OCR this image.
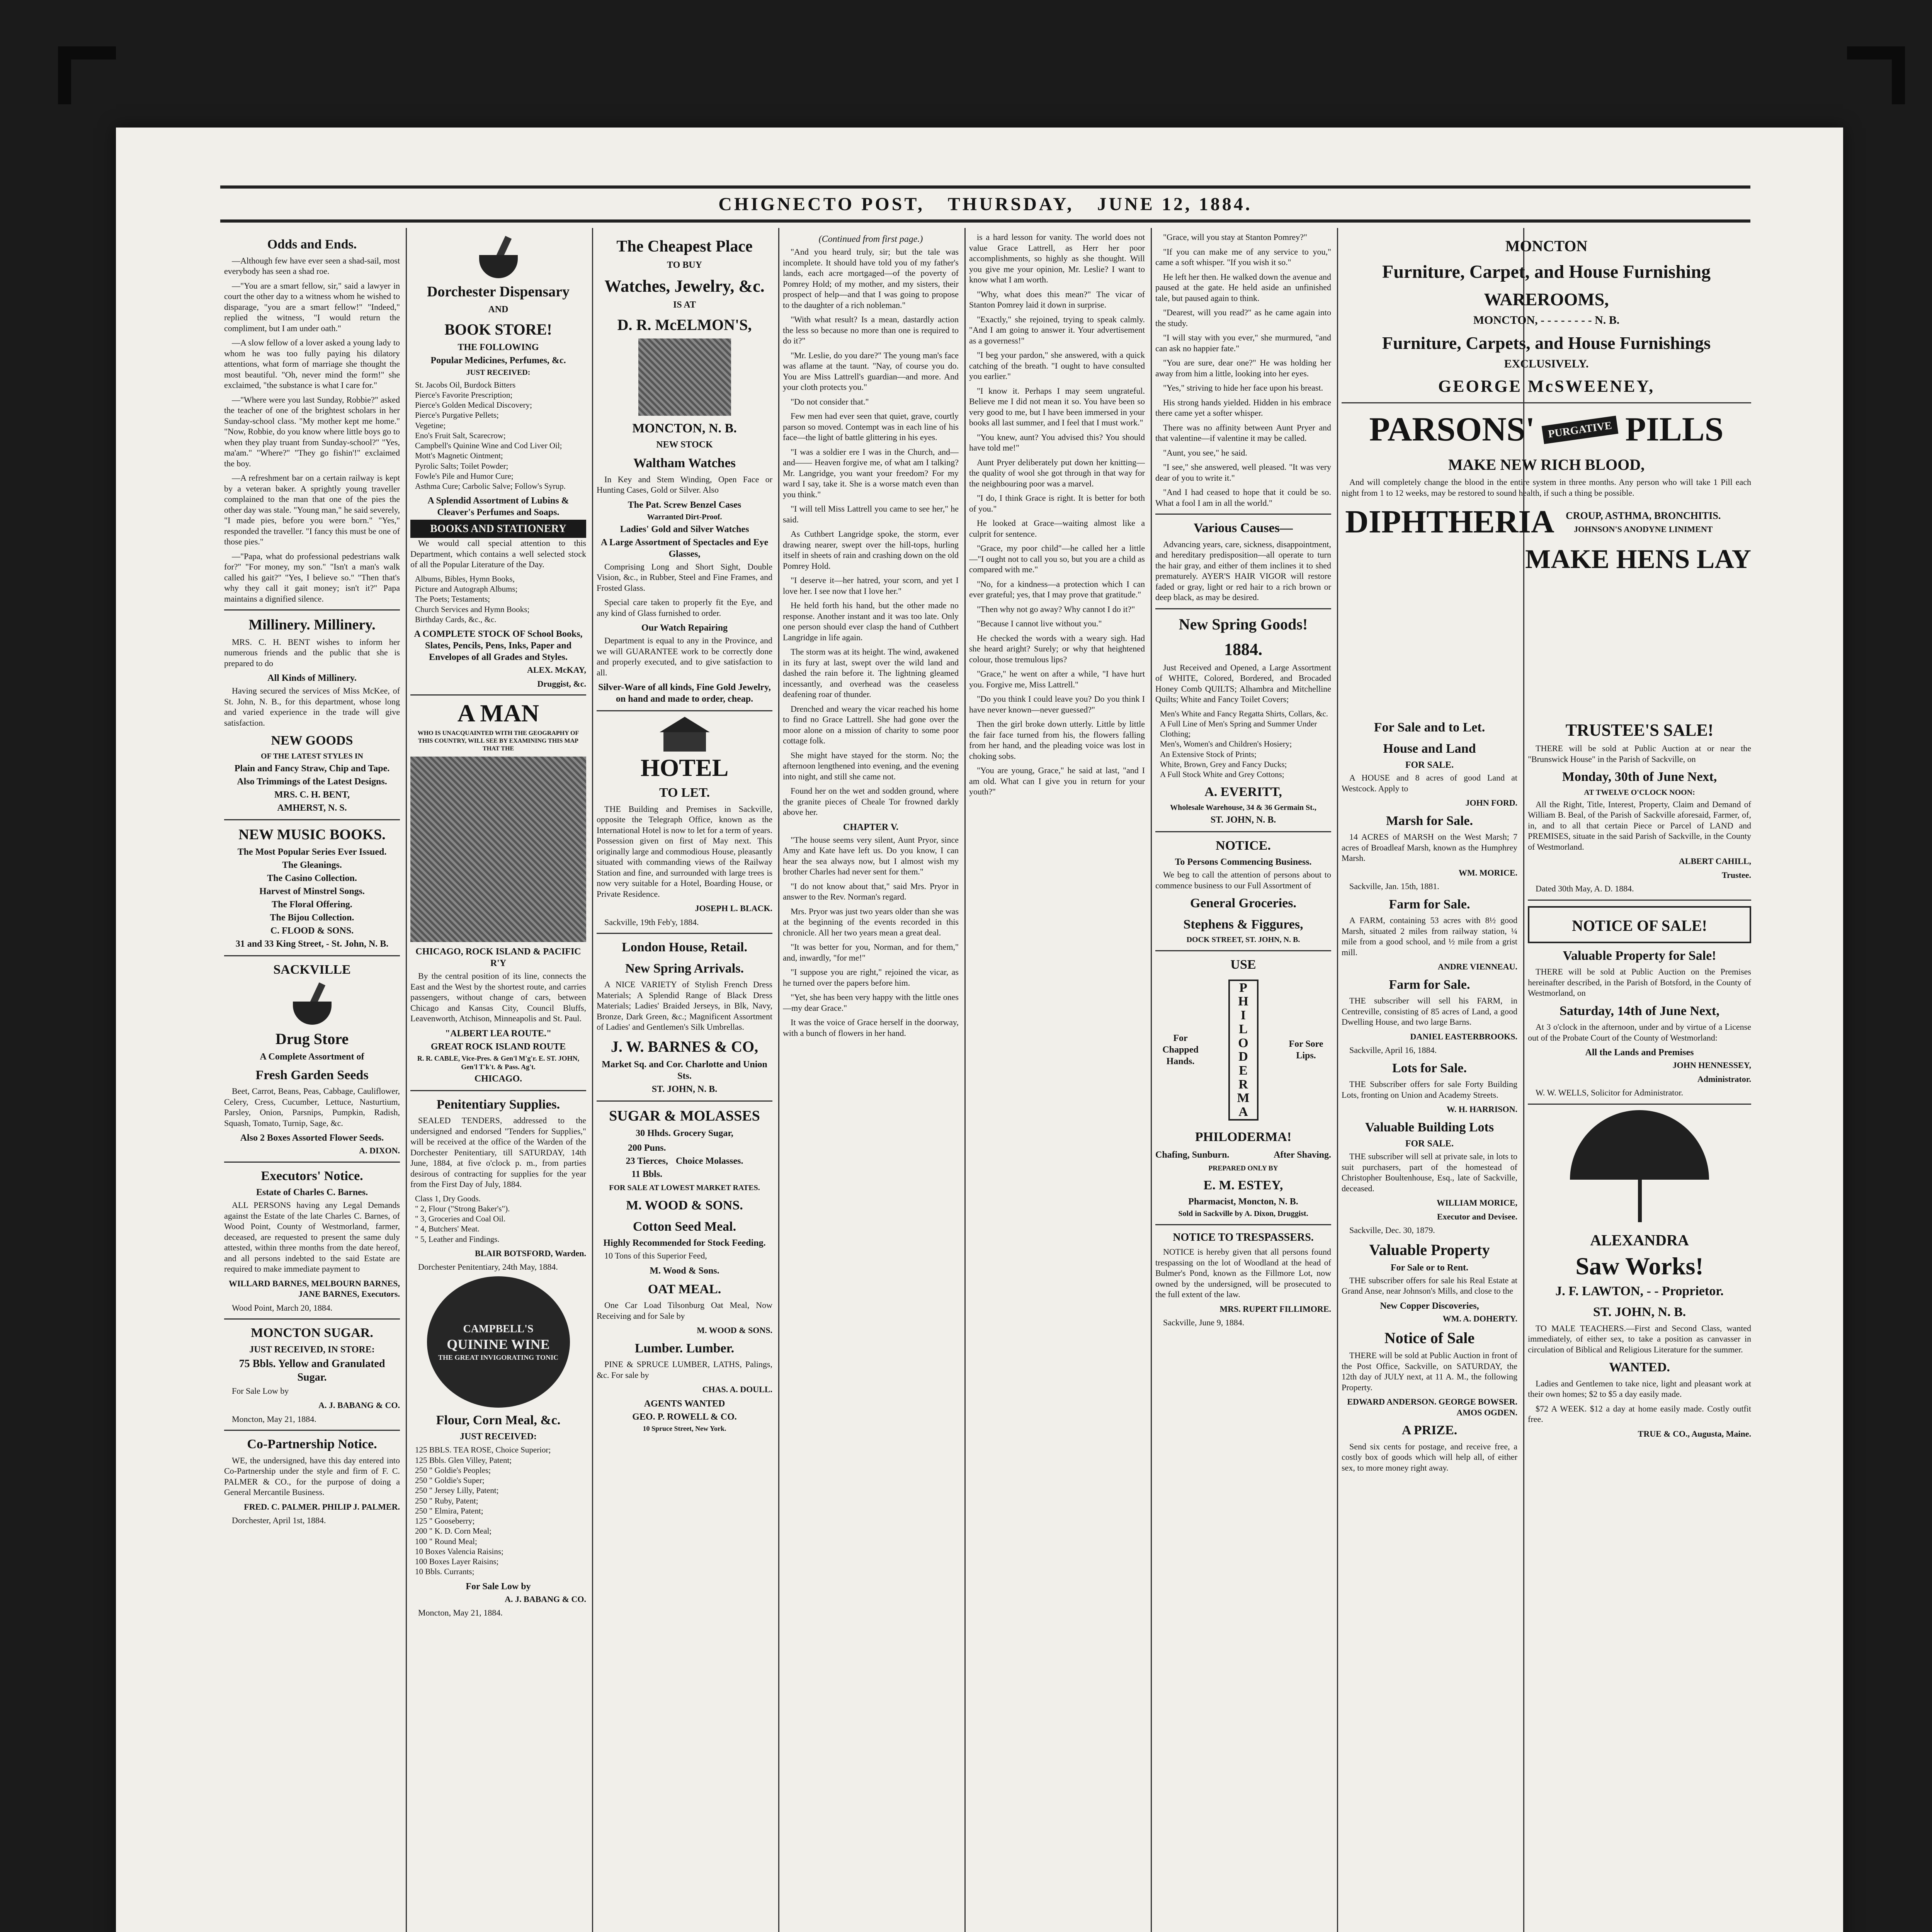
CHIGNECTO POST, THURSDAY, JUNE 12, 1884.
Odds and Ends.
—Although few have ever seen a shad-sail, most everybody has seen a shad roe.
—"You are a smart fellow, sir," said a lawyer in court the other day to a witness whom he wished to disparage, "you are a smart fellow!" "Indeed," replied the witness, "I would return the compliment, but I am under oath."
—A slow fellow of a lover asked a young lady to whom he was too fully paying his dilatory attentions, what form of marriage she thought the most beautiful. "Oh, never mind the form!" she exclaimed, "the substance is what I care for."
—"Where were you last Sunday, Robbie?" asked the teacher of one of the brightest scholars in her Sunday-school class. "My mother kept me home." "Now, Robbie, do you know where little boys go to when they play truant from Sunday-school?" "Yes, ma'am." "Where?" "They go fishin'!" exclaimed the boy.
—A refreshment bar on a certain railway is kept by a veteran baker. A sprightly young traveller complained to the man that one of the pies the other day was stale. "Young man," he said severely, "I made pies, before you were born." "Yes," responded the traveller. "I fancy this must be one of those pies."
—"Papa, what do professional pedestrians walk for?" "For money, my son." "Isn't a man's walk called his gait?" "Yes, I believe so." "Then that's why they call it gait money; isn't it?" Papa maintains a dignified silence.
Millinery. Millinery.
MRS. C. H. BENT wishes to inform her numerous friends and the public that she is prepared to do
All Kinds of Millinery.
Having secured the services of Miss McKee, of St. John, N. B., for this department, whose long and varied experience in the trade will give satisfaction.
NEW GOODS
OF THE LATEST STYLES IN
Plain and Fancy Straw, Chip and Tape.
Also Trimmings of the Latest Designs.
MRS. C. H. BENT,
AMHERST, N. S.
NEW MUSIC BOOKS.
The Most Popular Series Ever Issued.
The Gleanings.
The Casino Collection.
Harvest of Minstrel Songs.
The Floral Offering.
The Bijou Collection.
C. FLOOD & SONS.
31 and 33 King Street, - St. John, N. B.
SACKVILLE
Drug Store
A Complete Assortment of
Fresh Garden Seeds
Beet, Carrot, Beans, Peas, Cabbage, Cauliflower, Celery, Cress, Cucumber, Lettuce, Nasturtium, Parsley, Onion, Parsnips, Pumpkin, Radish, Squash, Tomato, Turnip, Sage, &c.
Also 2 Boxes Assorted Flower Seeds.
A. DIXON.
Executors' Notice.
Estate of Charles C. Barnes.
ALL PERSONS having any Legal Demands against the Estate of the late Charles C. Barnes, of Wood Point, County of Westmorland, farmer, deceased, are requested to present the same duly attested, within three months from the date hereof, and all persons indebted to the said Estate are required to make immediate payment to
WILLARD BARNES, MELBOURN BARNES, JANE BARNES, Executors.
Wood Point, March 20, 1884.
MONCTON SUGAR.
JUST RECEIVED, IN STORE:
75 Bbls. Yellow and Granulated Sugar.
For Sale Low by
A. J. BABANG & CO.
Moncton, May 21, 1884.
Co-Partnership Notice.
WE, the undersigned, have this day entered into Co-Partnership under the style and firm of F. C. PALMER & CO., for the purpose of doing a General Mercantile Business.
FRED. C. PALMER. PHILIP J. PALMER.
Dorchester, April 1st, 1884.
Dorchester Dispensary
AND
BOOK STORE!
THE FOLLOWING
Popular Medicines, Perfumes, &c.
JUST RECEIVED:
St. Jacobs Oil, Burdock Bitters
Pierce's Favorite Prescription;
Pierce's Golden Medical Discovery;
Pierce's Purgative Pellets;
Vegetine;
Eno's Fruit Salt, Scarecrow;
Campbell's Quinine Wine and Cod Liver Oil;
Mott's Magnetic Ointment;
Pyrolic Salts; Toilet Powder;
Fowle's Pile and Humor Cure;
Asthma Cure; Carbolic Salve; Follow's Syrup.
A Splendid Assortment of Lubins & Cleaver's Perfumes and Soaps.
BOOKS AND STATIONERY
We would call special attention to this Department, which contains a well selected stock of all the Popular Literature of the Day.
Albums, Bibles, Hymn Books,
Picture and Autograph Albums;
The Poets; Testaments;
Church Services and Hymn Books;
Birthday Cards, &c., &c.
A COMPLETE STOCK OF School Books, Slates, Pencils, Pens, Inks, Paper and Envelopes of all Grades and Styles.
ALEX. McKAY,
Druggist, &c.
A MAN
WHO IS UNACQUAINTED WITH THE GEOGRAPHY OF THIS COUNTRY, WILL SEE BY EXAMINING THIS MAP THAT THE
CHICAGO, ROCK ISLAND & PACIFIC R'Y
By the central position of its line, connects the East and the West by the shortest route, and carries passengers, without change of cars, between Chicago and Kansas City, Council Bluffs, Leavenworth, Atchison, Minneapolis and St. Paul.
"ALBERT LEA ROUTE."
GREAT ROCK ISLAND ROUTE
R. R. CABLE, Vice-Pres. & Gen'l M'g'r. E. ST. JOHN, Gen'l T'k't. & Pass. Ag't.
CHICAGO.
Penitentiary Supplies.
SEALED TENDERS, addressed to the undersigned and endorsed "Tenders for Supplies," will be received at the office of the Warden of the Dorchester Penitentiary, till SATURDAY, 14th June, 1884, at five o'clock p. m., from parties desirous of contracting for supplies for the year from the First Day of July, 1884.
Class 1, Dry Goods.
" 2, Flour ("Strong Baker's").
" 3, Groceries and Coal Oil.
" 4, Butchers' Meat.
" 5, Leather and Findings.
BLAIR BOTSFORD, Warden.
Dorchester Penitentiary, 24th May, 1884.
CAMPBELL'S
QUININE WINE
THE GREAT INVIGORATING TONIC
Flour, Corn Meal, &c.
JUST RECEIVED:
125 BBLS. TEA ROSE, Choice Superior;
125 Bbls. Glen Villey, Patent;
250 " Goldie's Peoples;
250 " Goldie's Super;
250 " Jersey Lilly, Patent;
250 " Ruby, Patent;
250 " Elmira, Patent;
125 " Gooseberry;
200 " K. D. Corn Meal;
100 " Round Meal;
10 Boxes Valencia Raisins;
100 Boxes Layer Raisins;
10 Bbls. Currants;
For Sale Low by
A. J. BABANG & CO.
Moncton, May 21, 1884.
The Cheapest Place
TO BUY
Watches, Jewelry, &c.
IS AT
D. R. McELMON'S,
MONCTON, N. B.
NEW STOCK
Waltham Watches
In Key and Stem Winding, Open Face or Hunting Cases, Gold or Silver. Also
The Pat. Screw Benzel Cases
Warranted Dirt-Proof.
Ladies' Gold and Silver Watches
A Large Assortment of Spectacles and Eye Glasses,
Comprising Long and Short Sight, Double Vision, &c., in Rubber, Steel and Fine Frames, and Frosted Glass.
Special care taken to properly fit the Eye, and any kind of Glass furnished to order.
Our Watch Repairing
Department is equal to any in the Province, and we will GUARANTEE work to be correctly done and properly executed, and to give satisfaction to all.
Silver-Ware of all kinds, Fine Gold Jewelry, on hand and made to order, cheap.
HOTEL
TO LET.
THE Building and Premises in Sackville, opposite the Telegraph Office, known as the International Hotel is now to let for a term of years. Possession given on first of May next. This originally large and commodious House, pleasantly situated with commanding views of the Railway Station and fine, and surrounded with large trees is now very suitable for a Hotel, Boarding House, or Private Residence.
JOSEPH L. BLACK.
Sackville, 19th Feb'y, 1884.
London House, Retail.
New Spring Arrivals.
A NICE VARIETY of Stylish French Dress Materials; A Splendid Range of Black Dress Materials; Ladies' Braided Jerseys, in Blk, Navy, Bronze, Dark Green, &c.; Magnificent Assortment of Ladies' and Gentlemen's Silk Umbrellas.
J. W. BARNES & CO,
Market Sq. and Cor. Charlotte and Union Sts.
ST. JOHN, N. B.
SUGAR & MOLASSES
30 Hhds. Grocery Sugar,
200 Puns.
23 Tierces,
11 Bbls.
Choice Molasses.
FOR SALE AT LOWEST MARKET RATES.
M. WOOD & SONS.
Cotton Seed Meal.
Highly Recommended for Stock Feeding.
10 Tons of this Superior Feed,
M. Wood & Sons.
OAT MEAL.
One Car Load Tilsonburg Oat Meal, Now Receiving and for Sale by
M. WOOD & SONS.
Lumber. Lumber.
PINE & SPRUCE LUMBER, LATHS, Palings, &c. For sale by
CHAS. A. DOULL.
AGENTS WANTED
GEO. P. ROWELL & CO.
10 Spruce Street, New York.
(Continued from first page.)
"And you heard truly, sir; but the tale was incomplete. It should have told you of my father's lands, each acre mortgaged—of the poverty of Pomrey Hold; of my mother, and my sisters, their prospect of help—and that I was going to propose to the daughter of a rich nobleman."
"With what result? Is a mean, dastardly action the less so because no more than one is required to do it?"
"Mr. Leslie, do you dare?" The young man's face was aflame at the taunt. "Nay, of course you do. You are Miss Lattrell's guardian—and more. And your cloth protects you."
"Do not consider that."
Few men had ever seen that quiet, grave, courtly parson so moved. Contempt was in each line of his face—the light of battle glittering in his eyes.
"I was a soldier ere I was in the Church, and—and—— Heaven forgive me, of what am I talking? Mr. Langridge, you want your freedom? For my ward I say, take it. She is a worse match even than you think."
"I will tell Miss Lattrell you came to see her," he said.
As Cuthbert Langridge spoke, the storm, ever drawing nearer, swept over the hill-tops, hurling itself in sheets of rain and crashing down on the old Pomrey Hold.
"I deserve it—her hatred, your scorn, and yet I love her. I see now that I love her."
He held forth his hand, but the other made no response. Another instant and it was too late. Only one person should ever clasp the hand of Cuthbert Langridge in life again.
The storm was at its height. The wind, awakened in its fury at last, swept over the wild land and dashed the rain before it. The lightning gleamed incessantly, and overhead was the ceaseless deafening roar of thunder.
Drenched and weary the vicar reached his home to find no Grace Lattrell. She had gone over the moor alone on a mission of charity to some poor cottage folk.
She might have stayed for the storm. No; the afternoon lengthened into evening, and the evening into night, and still she came not.
Found her on the wet and sodden ground, where the granite pieces of Cheale Tor frowned darkly above her.
CHAPTER V.
"The house seems very silent, Aunt Pryor, since Amy and Kate have left us. Do you know, I can hear the sea always now, but I almost wish my brother Charles had never sent for them."
"I do not know about that," said Mrs. Pryor in answer to the Rev. Norman's regard.
Mrs. Pryor was just two years older than she was at the beginning of the events recorded in this chronicle. All her two years mean a great deal.
"It was better for you, Norman, and for them," and, inwardly, "for me!"
"I suppose you are right," rejoined the vicar, as he turned over the papers before him.
"Yet, she has been very happy with the little ones—my dear Grace."
It was the voice of Grace herself in the doorway, with a bunch of flowers in her hand.
is a hard lesson for vanity. The world does not value Grace Lattrell, as Herr her poor accomplishments, so highly as she thought. Will you give me your opinion, Mr. Leslie? I want to know what I am worth.
"Why, what does this mean?" The vicar of Stanton Pomrey laid it down in surprise.
"Exactly," she rejoined, trying to speak calmly. "And I am going to answer it. Your advertisement as a governess!"
"I beg your pardon," she answered, with a quick catching of the breath. "I ought to have consulted you earlier."
"I know it. Perhaps I may seem ungrateful. Believe me I did not mean it so. You have been so very good to me, but I have been immersed in your books all last summer, and I feel that I must work."
"You knew, aunt? You advised this? You should have told me!"
Aunt Pryer deliberately put down her knitting—the quality of wool she got through in that way for the neighbouring poor was a marvel.
"I do, I think Grace is right. It is better for both of you."
He looked at Grace—waiting almost like a culprit for sentence.
"Grace, my poor child"—he called her a little—"I ought not to call you so, but you are a child as compared with me."
"No, for a kindness—a protection which I can ever grateful; yes, that I may prove that gratitude."
"Then why not go away? Why cannot I do it?"
"Because I cannot live without you."
He checked the words with a weary sigh. Had she heard aright? Surely; or why that heightened colour, those tremulous lips?
"Grace," he went on after a while, "I have hurt you. Forgive me, Miss Lattrell."
"Do you think I could leave you? Do you think I have never known—never guessed?"
Then the girl broke down utterly. Little by little the fair face turned from his, the flowers falling from her hand, and the pleading voice was lost in choking sobs.
"You are young, Grace," he said at last, "and I am old. What can I give you in return for your youth?"
"Grace, will you stay at Stanton Pomrey?"
"If you can make me of any service to you," came a soft whisper. "If you wish it so."
He left her then. He walked down the avenue and paused at the gate. He held aside an unfinished tale, but paused again to think.
"Dearest, will you read?" as he came again into the study.
"I will stay with you ever," she murmured, "and can ask no happier fate."
"You are sure, dear one?" He was holding her away from him a little, looking into her eyes.
"Yes," striving to hide her face upon his breast.
His strong hands yielded. Hidden in his embrace there came yet a softer whisper.
There was no affinity between Aunt Pryer and that valentine—if valentine it may be called.
"Aunt, you see," he said.
"I see," she answered, well pleased. "It was very dear of you to write it."
"And I had ceased to hope that it could be so. What a fool I am in all the world."
Various Causes—
Advancing years, care, sickness, disappointment, and hereditary predisposition—all operate to turn the hair gray, and either of them inclines it to shed prematurely. AYER'S HAIR VIGOR will restore faded or gray, light or red hair to a rich brown or deep black, as may be desired.
New Spring Goods!
1884.
Just Received and Opened, a Large Assortment of WHITE, Colored, Bordered, and Brocaded Honey Comb QUILTS; Alhambra and Mitchelline Quilts; White and Fancy Toilet Covers;
Men's White and Fancy Regatta Shirts, Collars, &c.
A Full Line of Men's Spring and Summer Under Clothing;
Men's, Women's and Children's Hosiery;
An Extensive Stock of Prints;
White, Brown, Grey and Fancy Ducks;
A Full Stock White and Grey Cottons;
A. EVERITT,
Wholesale Warehouse, 34 & 36 Germain St.,
ST. JOHN, N. B.
NOTICE.
To Persons Commencing Business.
We beg to call the attention of persons about to commence business to our Full Assortment of
General Groceries.
Stephens & Figgures,
DOCK STREET, ST. JOHN, N. B.
USE
For Chapped Hands.
P
H
I
L
O
D
E
R
M
A
For Sore Lips.
PHILODERMA!
Chafing, Sunburn.	After Shaving.
PREPARED ONLY BY
E. M. ESTEY,
Pharmacist, Moncton, N. B.
Sold in Sackville by A. Dixon, Druggist.
NOTICE TO TRESPASSERS.
NOTICE is hereby given that all persons found trespassing on the lot of Woodland at the head of Bulmer's Pond, known as the Fillmore Lot, now owned by the undersigned, will be prosecuted to the full extent of the law.
MRS. RUPERT FILLIMORE.
Sackville, June 9, 1884.
MONCTON
Furniture, Carpet, and House Furnishing
WAREROOMS,
MONCTON, - - - - - - - - N. B.
Furniture, Carpets, and House Furnishings
EXCLUSIVELY.
GEORGE McSWEENEY,
PARSONS'	PURGATIVE PILLS
MAKE NEW RICH BLOOD,
And will completely change the blood in the entire system in three months. Any person who will take 1 Pill each night from 1 to 12 weeks, may be restored to sound health, if such a thing be possible.
DIPHTHERIA	CROUP, ASTHMA, BRONCHITIS.
JOHNSON'S ANODYNE LINIMENT
MAKE HENS LAY
For Sale and to Let.
House and Land
FOR SALE.
A HOUSE and 8 acres of good Land at Westcock. Apply to
JOHN FORD.
Marsh for Sale.
14 ACRES of MARSH on the West Marsh; 7 acres of Broadleaf Marsh, known as the Humphrey Marsh.
WM. MORICE.
Sackville, Jan. 15th, 1881.
Farm for Sale.
A FARM, containing 53 acres with 8½ good Marsh, situated 2 miles from railway station, ¼ mile from a good school, and ½ mile from a grist mill.
ANDRE VIENNEAU.
Farm for Sale.
THE subscriber will sell his FARM, in Centreville, consisting of 85 acres of Land, a good Dwelling House, and two large Barns.
DANIEL EASTERBROOKS.
Sackville, April 16, 1884.
Lots for Sale.
THE Subscriber offers for sale Forty Building Lots, fronting on Union and Academy Streets.
W. H. HARRISON.
Valuable Building Lots
FOR SALE.
THE subscriber will sell at private sale, in lots to suit purchasers, part of the homestead of Christopher Boultenhouse, Esq., late of Sackville, deceased.
WILLIAM MORICE,
Executor and Devisee.
Sackville, Dec. 30, 1879.
Valuable Property
For Sale or to Rent.
THE subscriber offers for sale his Real Estate at Grand Anse, near Johnson's Mills, and close to the
New Copper Discoveries,
WM. A. DOHERTY.
Notice of Sale
THERE will be sold at Public Auction in front of the Post Office, Sackville, on SATURDAY, the 12th day of JULY next, at 11 A. M., the following Property.
EDWARD ANDERSON. GEORGE BOWSER. AMOS OGDEN.
A PRIZE.
Send six cents for postage, and receive free, a costly box of goods which will help all, of either sex, to more money right away.
TRUSTEE'S SALE!
THERE will be sold at Public Auction at or near the "Brunswick House" in the Parish of Sackville, on
Monday, 30th of June Next,
AT TWELVE O'CLOCK NOON:
All the Right, Title, Interest, Property, Claim and Demand of William B. Beal, of the Parish of Sackville aforesaid, Farmer, of, in, and to all that certain Piece or Parcel of LAND and PREMISES, situate in the said Parish of Sackville, in the County of Westmorland.
ALBERT CAHILL,
Trustee.
Dated 30th May, A. D. 1884.
NOTICE OF SALE!
Valuable Property for Sale!
THERE will be sold at Public Auction on the Premises hereinafter described, in the Parish of Botsford, in the County of Westmorland, on
Saturday, 14th of June Next,
At 3 o'clock in the afternoon, under and by virtue of a License out of the Probate Court of the County of Westmorland:
All the Lands and Premises
JOHN HENNESSEY,
Administrator.
W. W. WELLS, Solicitor for Administrator.
ALEXANDRA
Saw Works!
J. F. LAWTON, - - Proprietor.
ST. JOHN, N. B.
TO MALE TEACHERS.—First and Second Class, wanted immediately, of either sex, to take a position as canvasser in circulation of Biblical and Religious Literature for the summer.
WANTED.
Ladies and Gentlemen to take nice, light and pleasant work at their own homes; $2 to $5 a day easily made.
$72 A WEEK. $12 a day at home easily made. Costly outfit free.
TRUE & CO., Augusta, Maine.
